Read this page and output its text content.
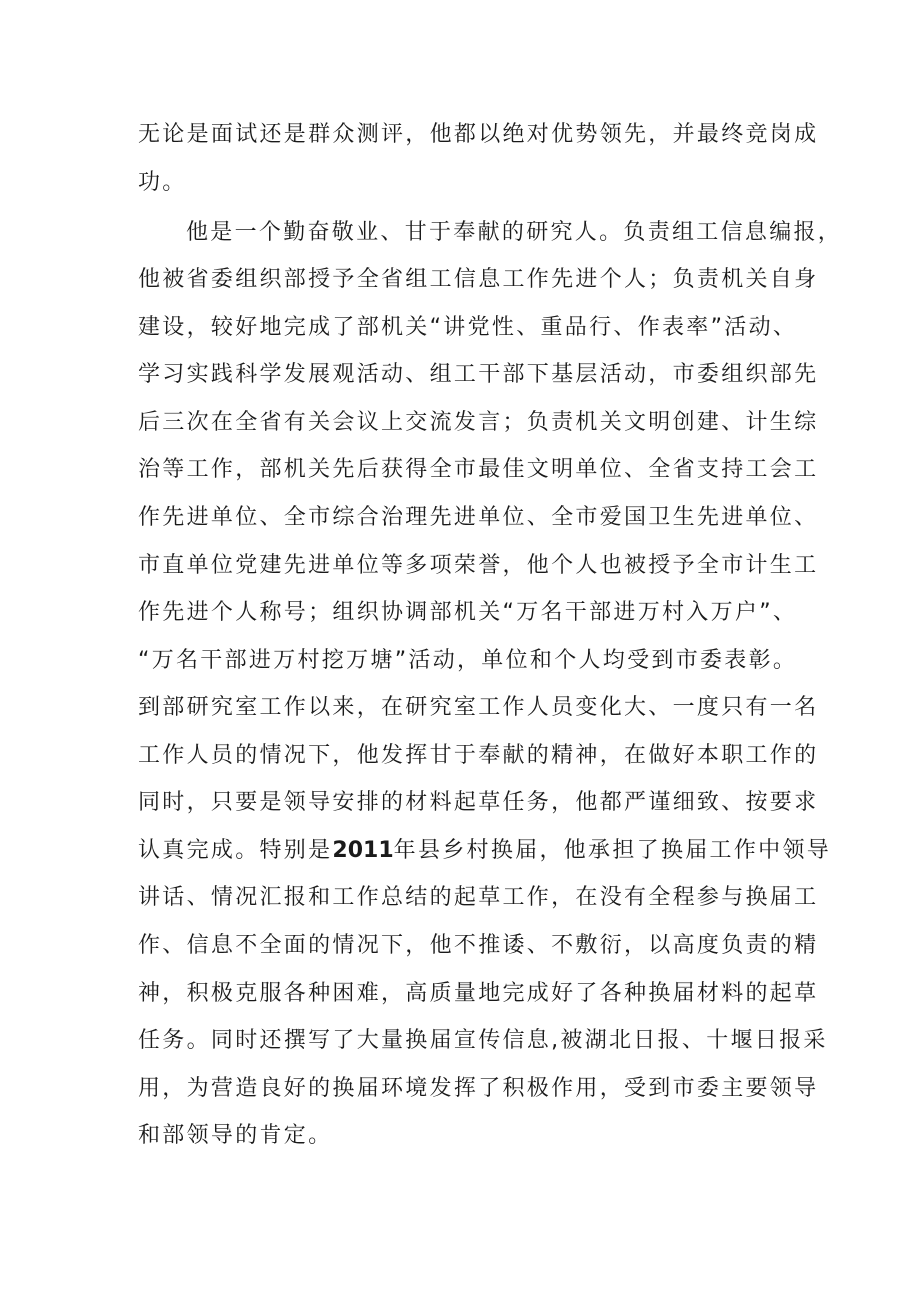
无论是面试还是群众测评，他都以绝对优势领先，并最终竞岗成
功。
他是一个勤奋敬业、甘于奉献的研究人。负责组工信息编报，
他被省委组织部授予全省组工信息工作先进个人；负责机关自身
建设，较好地完成了部机关“讲党性、重品行、作表率”活动、
学习实践科学发展观活动、组工干部下基层活动，市委组织部先
后三次在全省有关会议上交流发言；负责机关文明创建、计生综
治等工作，部机关先后获得全市最佳文明单位、全省支持工会工
作先进单位、全市综合治理先进单位、全市爱国卫生先进单位、
市直单位党建先进单位等多项荣誉，他个人也被授予全市计生工
作先进个人称号；组织协调部机关“万名干部进万村入万户”、
“万名干部进万村挖万塘”活动，单位和个人均受到市委表彰。
到部研究室工作以来，在研究室工作人员变化大、一度只有一名
工作人员的情况下，他发挥甘于奉献的精神，在做好本职工作的
同时，只要是领导安排的材料起草任务，他都严谨细致、按要求
认真完成。特别是2011年县乡村换届，他承担了换届工作中领导
讲话、情况汇报和工作总结的起草工作，在没有全程参与换届工
作、信息不全面的情况下，他不推诿、不敷衍，以高度负责的精
神，积极克服各种困难，高质量地完成好了各种换届材料的起草
任务。同时还撰写了大量换届宣传信息,被湖北日报、十堰日报采
用，为营造良好的换届环境发挥了积极作用，受到市委主要领导
和部领导的肯定。
